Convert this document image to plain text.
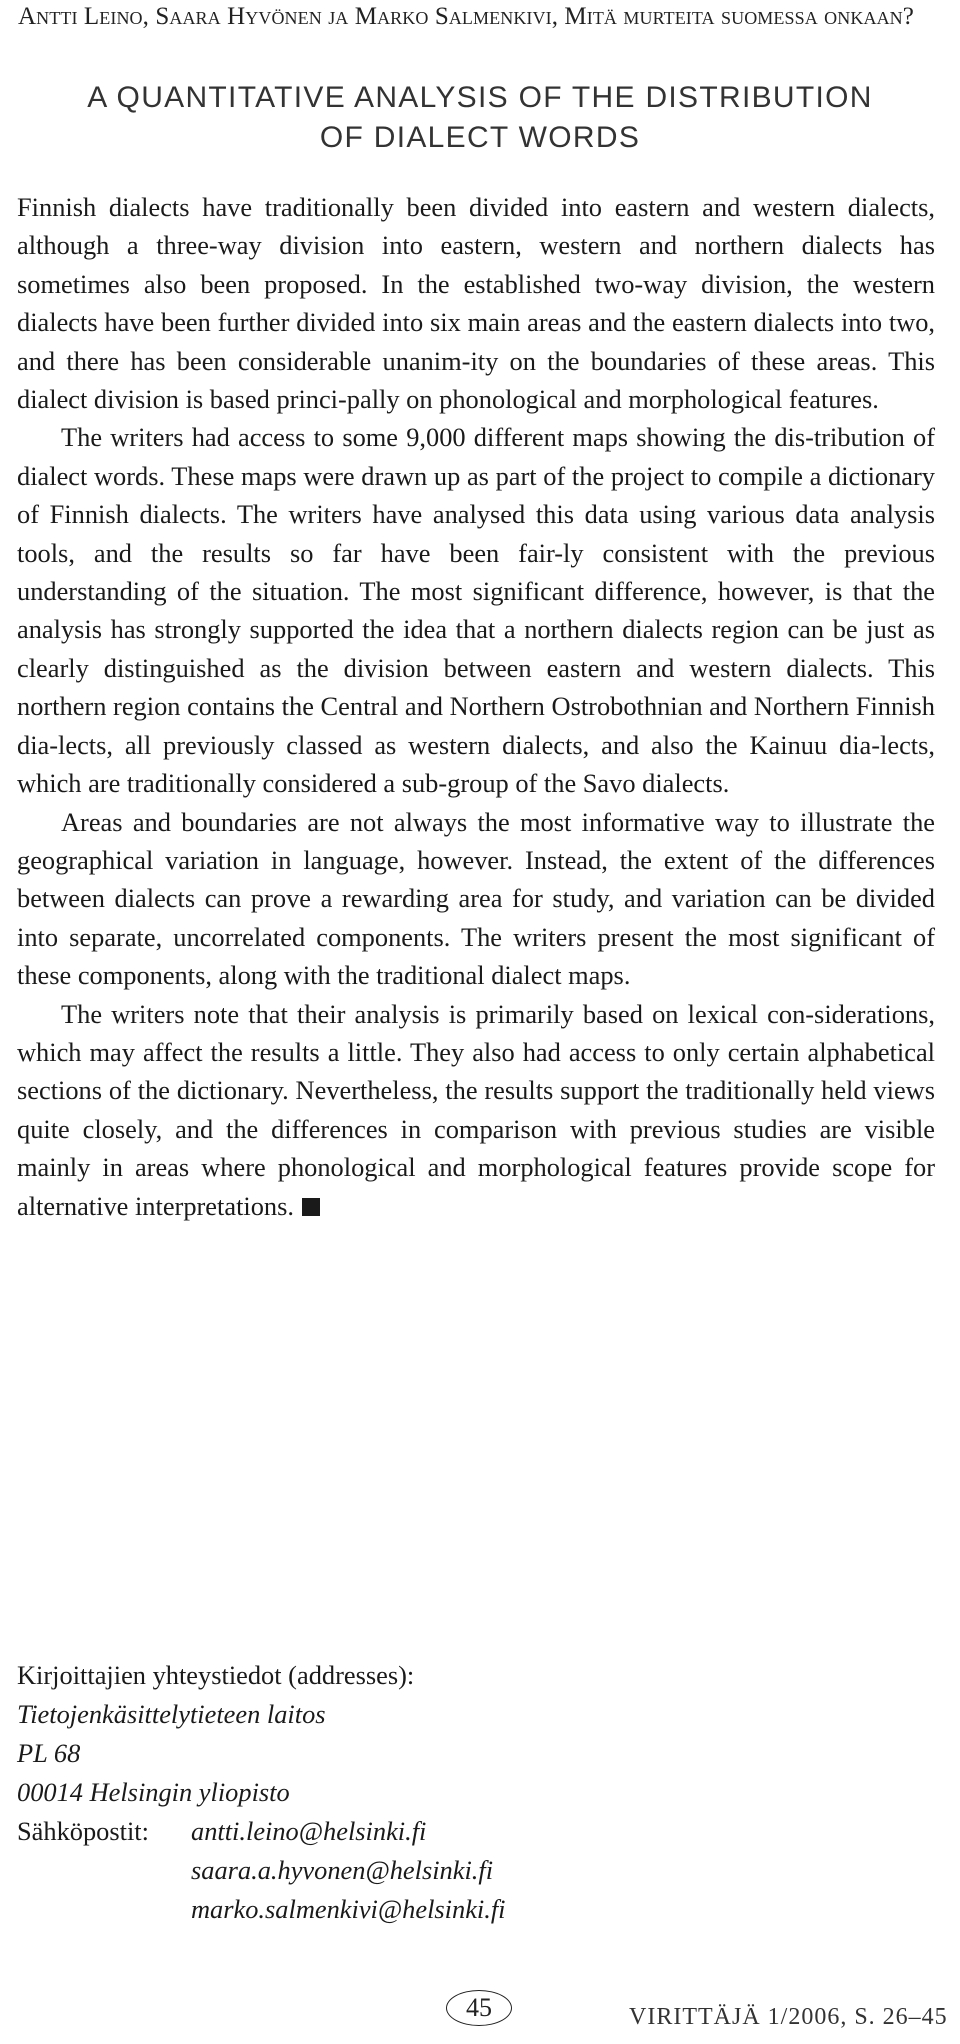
Antti Leino, Saara Hyvönen ja Marko Salmenkivi, Mitä murteita suomessa onkaan?
A QUANTITATIVE ANALYSIS OF THE DISTRIBUTION
OF DIALECT WORDS

Finnish dialects have traditionally been divided into eastern and western dialects, although a three-way division into eastern, western and northern dialects has sometimes also been proposed. In the established two-way division, the western dialects have been further divided into six main areas and the eastern dialects into two, and there has been considerable unanim-ity on the boundaries of these areas. This dialect division is based princi-pally on phonological and morphological features.

The writers had access to some 9,000 different maps showing the dis-tribution of dialect words. These maps were drawn up as part of the project to compile a dictionary of Finnish dialects. The writers have analysed this data using various data analysis tools, and the results so far have been fair-ly consistent with the previous understanding of the situation. The most significant difference, however, is that the analysis has strongly supported the idea that a northern dialects region can be just as clearly distinguished as the division between eastern and western dialects. This northern region contains the Central and Northern Ostrobothnian and Northern Finnish dia-lects, all previously classed as western dialects, and also the Kainuu dia-lects, which are traditionally considered a sub-group of the Savo dialects.

Areas and boundaries are not always the most informative way to illustrate the geographical variation in language, however. Instead, the extent of the differences between dialects can prove a rewarding area for study, and variation can be divided into separate, uncorrelated components. The writers present the most significant of these components, along with the traditional dialect maps.

The writers note that their analysis is primarily based on lexical con-siderations, which may affect the results a little. They also had access to only certain alphabetical sections of the dictionary. Nevertheless, the results support the traditionally held views quite closely, and the differences in comparison with previous studies are visible mainly in areas where phonological and morphological features provide scope for alternative interpretations.

Kirjoittajien yhteystiedot (addresses):
Tietojenkäsittelytieteen laitos
PL 68
00014 Helsingin yliopisto
Sähköpostit:	antti.leino@helsinki.fi
saara.a.hyvonen@helsinki.fi
marko.salmenkivi@helsinki.fi
45	VIRITTÄJÄ 1/2006, S. 26–45
